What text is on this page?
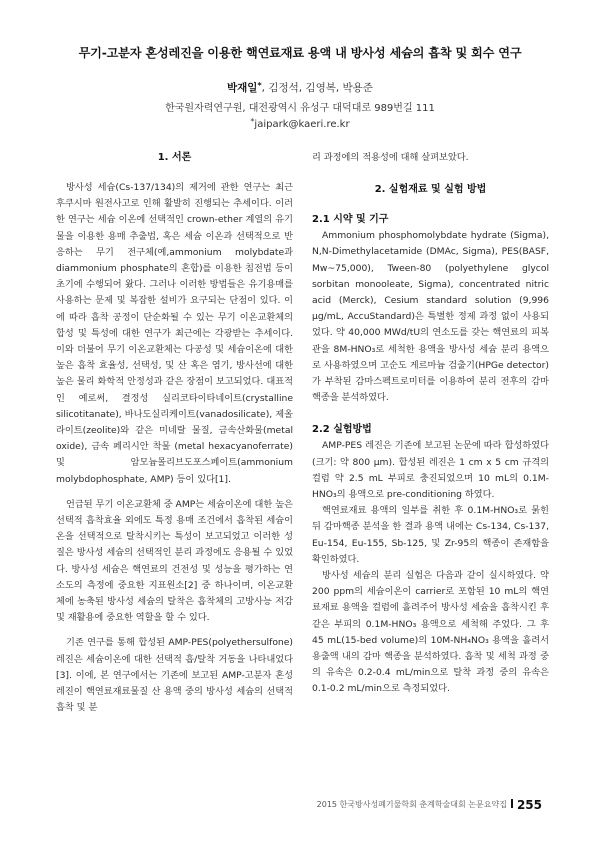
무기-고분자 혼성레진을 이용한 핵연료재료 용액 내 방사성 세슘의 흡착 및 회수 연구
박재일*, 김정석, 김영복, 박용준
한국원자력연구원, 대전광역시 유성구 대덕대로 989번길 111
*jaipark@kaeri.re.kr
1. 서론

방사성 세슘(Cs-137/134)의 제거에 관한 연구는 최근 후쿠시마 원전사고로 인해 활발히 진행되는 추세이다. 이러한 연구는 세슘 이온에 선택적인 crown-ether 계열의 유기물을 이용한 용매 추출법, 혹은 세슘 이온과 선택적으로 반응하는 무기 전구체(예,ammonium molybdate과 diammonium phosphate의 혼합)를 이용한 침전법 등이 초기에 수행되어 왔다. 그러나 이러한 방법들은 유기용매를 사용하는 문제 및 복잡한 설비가 요구되는 단점이 있다. 이에 따라 흡착 공정이 단순화될 수 있는 무기 이온교환체의 합성 및 특성에 대한 연구가 최근에는 각광받는 추세이다. 이와 더불어 무기 이온교환체는 다공성 및 세슘이온에 대한 높은 흡착 효율성, 선택성, 및 산 혹은 염기, 방사선에 대한 높은 물리 화학적 안정성과 같은 장점이 보고되었다. 대표적인 예로써, 결정성 실리코타이타네이트(crystalline silicotitanate), 바나도실리케이트(vanadosilicate), 제올라이트(zeolite)와 같은 미네랄 물질, 금속산화물(metal oxide), 금속 페리시안 착물 (metal hexacyanoferrate) 및 암모늄몰리브도포스페이트(ammonium molybdophosphate, AMP) 등이 있다[1].

언급된 무기 이온교환체 중 AMP는 세슘이온에 대한 높은 선택적 흡착효율 외에도 특정 용매 조건에서 흡착된 세슘이온을 선택적으로 탈착시키는 특성이 보고되었고 이러한 성질은 방사성 세슘의 선택적인 분리 과정에도 응용될 수 있었다. 방사성 세슘은 핵연료의 건전성 및 성능을 평가하는 연소도의 측정에 중요한 지표원소[2] 중 하나이며, 이온교환체에 농축된 방사성 세슘의 탈착은 흡착체의 고방사능 저감 및 재활용에 중요한 역할을 할 수 있다.

기존 연구를 통해 합성된 AMP-PES(polyethersulfone) 레진은 세슘이온에 대한 선택적 흡/탈착 거동을 나타내었다[3]. 이에, 본 연구에서는 기존에 보고된 AMP-고분자 혼성레진이 핵연료재료물질 산 용액 중의 방사성 세슘의 선택적 흡착 및 분

리 과정에의 적용성에 대해 살펴보았다.

2. 실험재료 및 실험 방법
2.1 시약 및 기구

Ammonium phosphomolybdate hydrate (Sigma), N,N-Dimethylacetamide (DMAc, Sigma), PES(BASF, Mw~75,000), Tween-80 (polyethylene glycol sorbitan monooleate, Sigma), concentrated nitric acid (Merck), Cesium standard solution (9,996 μg/mL, AccuStandard)은 특별한 정제 과정 없이 사용되었다. 약 40,000 MWd/tU의 연소도를 갖는 핵연료의 피복관을 8M-HNO₃로 세척한 용액을 방사성 세슘 분리 용액으로 사용하였으며 고순도 게르마늄 검출기(HPGe detector)가 부착된 감마스펙트로미터를 이용하여 분리 전후의 감마핵종을 분석하였다.

2.2 실험방법

AMP-PES 레진은 기존에 보고된 논문에 따라 합성하였다(크기: 약 800 μm). 합성된 레진은 1 cm x 5 cm 규격의 컬럼 약 2.5 mL 부피로 충진되었으며 10 mL의 0.1M-HNO₃의 용액으로 pre-conditioning 하였다.

핵연료재료 용액의 일부를 취한 후 0.1M-HNO₃로 묽힌 뒤 감마핵종 분석을 한 결과 용액 내에는 Cs-134, Cs-137, Eu-154, Eu-155, Sb-125, 및 Zr-95의 핵종이 존재함을 확인하였다.

방사성 세슘의 분리 실험은 다음과 같이 실시하였다. 약 200 ppm의 세슘이온이 carrier로 포함된 10 mL의 핵연료재료 용액을 컬럼에 흘려주어 방사성 세슘을 흡착시킨 후 같은 부피의 0.1M-HNO₃ 용액으로 세척해 주었다. 그 후 45 mL(15-bed volume)의 10M-NH₄NO₃ 용액을 흘려서 용출액 내의 감마 핵종을 분석하였다. 흡착 및 세척 과정 중의 유속은 0.2-0.4 mL/min으로 탈착 과정 중의 유속은 0.1-0.2 mL/min으로 측정되었다.

2015 한국방사성폐기물학회 춘계학술대회 논문요약집 255
